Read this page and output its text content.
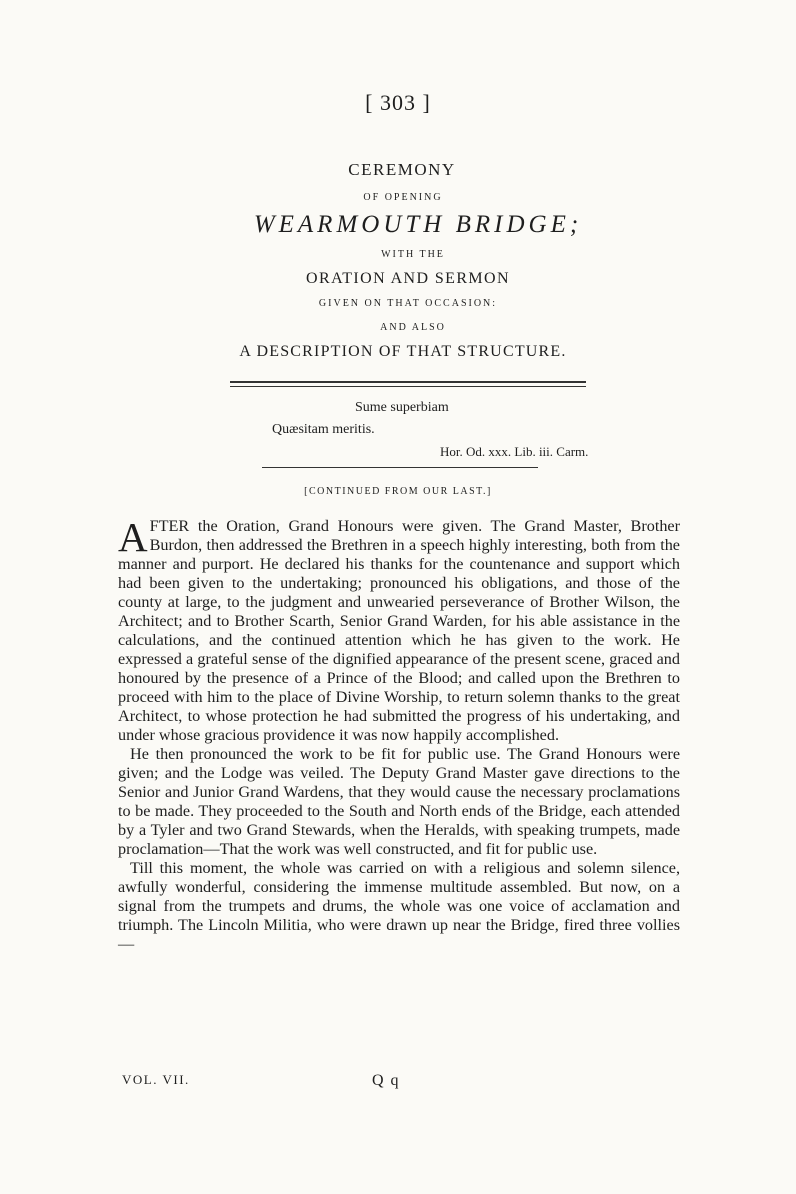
[ 303 ]
CEREMONY
OF OPENING
WEARMOUTH BRIDGE;
WITH THE
ORATION AND SERMON
GIVEN ON THAT OCCASION:
AND ALSO
A DESCRIPTION OF THAT STRUCTURE.
Sume superbiam
Quæsitam meritis.
Hor. Od. xxx. Lib. iii. Carm.
[CONTINUED FROM OUR LAST.]

AFTER the Oration, Grand Honours were given. The Grand Master, Brother Burdon, then addressed the Brethren in a speech highly interesting, both from the manner and purport. He declared his thanks for the countenance and support which had been given to the undertaking; pronounced his obligations, and those of the county at large, to the judgment and unwearied perseverance of Brother Wilson, the Architect; and to Brother Scarth, Senior Grand Warden, for his able assistance in the calculations, and the continued attention which he has given to the work. He expressed a grateful sense of the dignified appearance of the present scene, graced and honoured by the presence of a Prince of the Blood; and called upon the Brethren to proceed with him to the place of Divine Worship, to return solemn thanks to the great Architect, to whose protection he had submitted the progress of his undertaking, and under whose gracious providence it was now happily accomplished.

He then pronounced the work to be fit for public use. The Grand Honours were given; and the Lodge was veiled. The Deputy Grand Master gave directions to the Senior and Junior Grand Wardens, that they would cause the necessary proclamations to be made. They proceeded to the South and North ends of the Bridge, each attended by a Tyler and two Grand Stewards, when the Heralds, with speaking trumpets, made proclamation—That the work was well constructed, and fit for public use.

Till this moment, the whole was carried on with a religious and solemn silence, awfully wonderful, considering the immense multitude assembled. But now, on a signal from the trumpets and drums, the whole was one voice of acclamation and triumph. The Lincoln Militia, who were drawn up near the Bridge, fired three vollies—

VOL. VII.	Q q
